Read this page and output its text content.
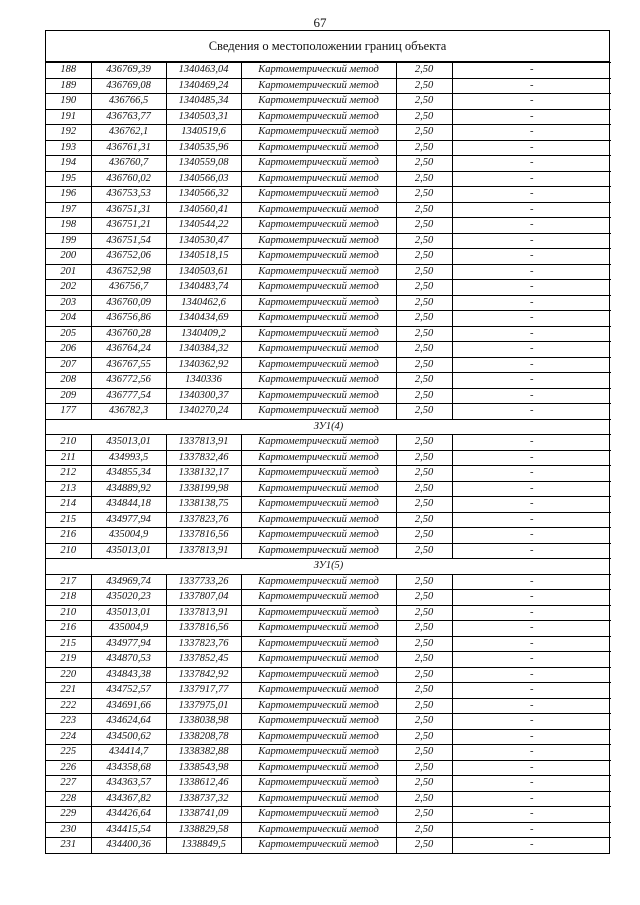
67
Сведения о местоположении границ объекта
188	436769,39	1340463,04	Картометрический метод	2,50	-
189	436769,08	1340469,24	Картометрический метод	2,50	-
190	436766,5	1340485,34	Картометрический метод	2,50	-
191	436763,77	1340503,31	Картометрический метод	2,50	-
192	436762,1	1340519,6	Картометрический метод	2,50	-
193	436761,31	1340535,96	Картометрический метод	2,50	-
194	436760,7	1340559,08	Картометрический метод	2,50	-
195	436760,02	1340566,03	Картометрический метод	2,50	-
196	436753,53	1340566,32	Картометрический метод	2,50	-
197	436751,31	1340560,41	Картометрический метод	2,50	-
198	436751,21	1340544,22	Картометрический метод	2,50	-
199	436751,54	1340530,47	Картометрический метод	2,50	-
200	436752,06	1340518,15	Картометрический метод	2,50	-
201	436752,98	1340503,61	Картометрический метод	2,50	-
202	436756,7	1340483,74	Картометрический метод	2,50	-
203	436760,09	1340462,6	Картометрический метод	2,50	-
204	436756,86	1340434,69	Картометрический метод	2,50	-
205	436760,28	1340409,2	Картометрический метод	2,50	-
206	436764,24	1340384,32	Картометрический метод	2,50	-
207	436767,55	1340362,92	Картометрический метод	2,50	-
208	436772,56	1340336	Картометрический метод	2,50	-
209	436777,54	1340300,37	Картометрический метод	2,50	-
177	436782,3	1340270,24	Картометрический метод	2,50	-
ЗУ1(4)					
210	435013,01	1337813,91	Картометрический метод	2,50	-
211	434993,5	1337832,46	Картометрический метод	2,50	-
212	434855,34	1338132,17	Картометрический метод	2,50	-
213	434889,92	1338199,98	Картометрический метод	2,50	-
214	434844,18	1338138,75	Картометрический метод	2,50	-
215	434977,94	1337823,76	Картометрический метод	2,50	-
216	435004,9	1337816,56	Картометрический метод	2,50	-
210	435013,01	1337813,91	Картометрический метод	2,50	-
ЗУ1(5)					
217	434969,74	1337733,26	Картометрический метод	2,50	-
218	435020,23	1337807,04	Картометрический метод	2,50	-
210	435013,01	1337813,91	Картометрический метод	2,50	-
216	435004,9	1337816,56	Картометрический метод	2,50	-
215	434977,94	1337823,76	Картометрический метод	2,50	-
219	434870,53	1337852,45	Картометрический метод	2,50	-
220	434843,38	1337842,92	Картометрический метод	2,50	-
221	434752,57	1337917,77	Картометрический метод	2,50	-
222	434691,66	1337975,01	Картометрический метод	2,50	-
223	434624,64	1338038,98	Картометрический метод	2,50	-
224	434500,62	1338208,78	Картометрический метод	2,50	-
225	434414,7	1338382,88	Картометрический метод	2,50	-
226	434358,68	1338543,98	Картометрический метод	2,50	-
227	434363,57	1338612,46	Картометрический метод	2,50	-
228	434367,82	1338737,32	Картометрический метод	2,50	-
229	434426,64	1338741,09	Картометрический метод	2,50	-
230	434415,54	1338829,58	Картометрический метод	2,50	-
231	434400,36	1338849,5	Картометрический метод	2,50	-
